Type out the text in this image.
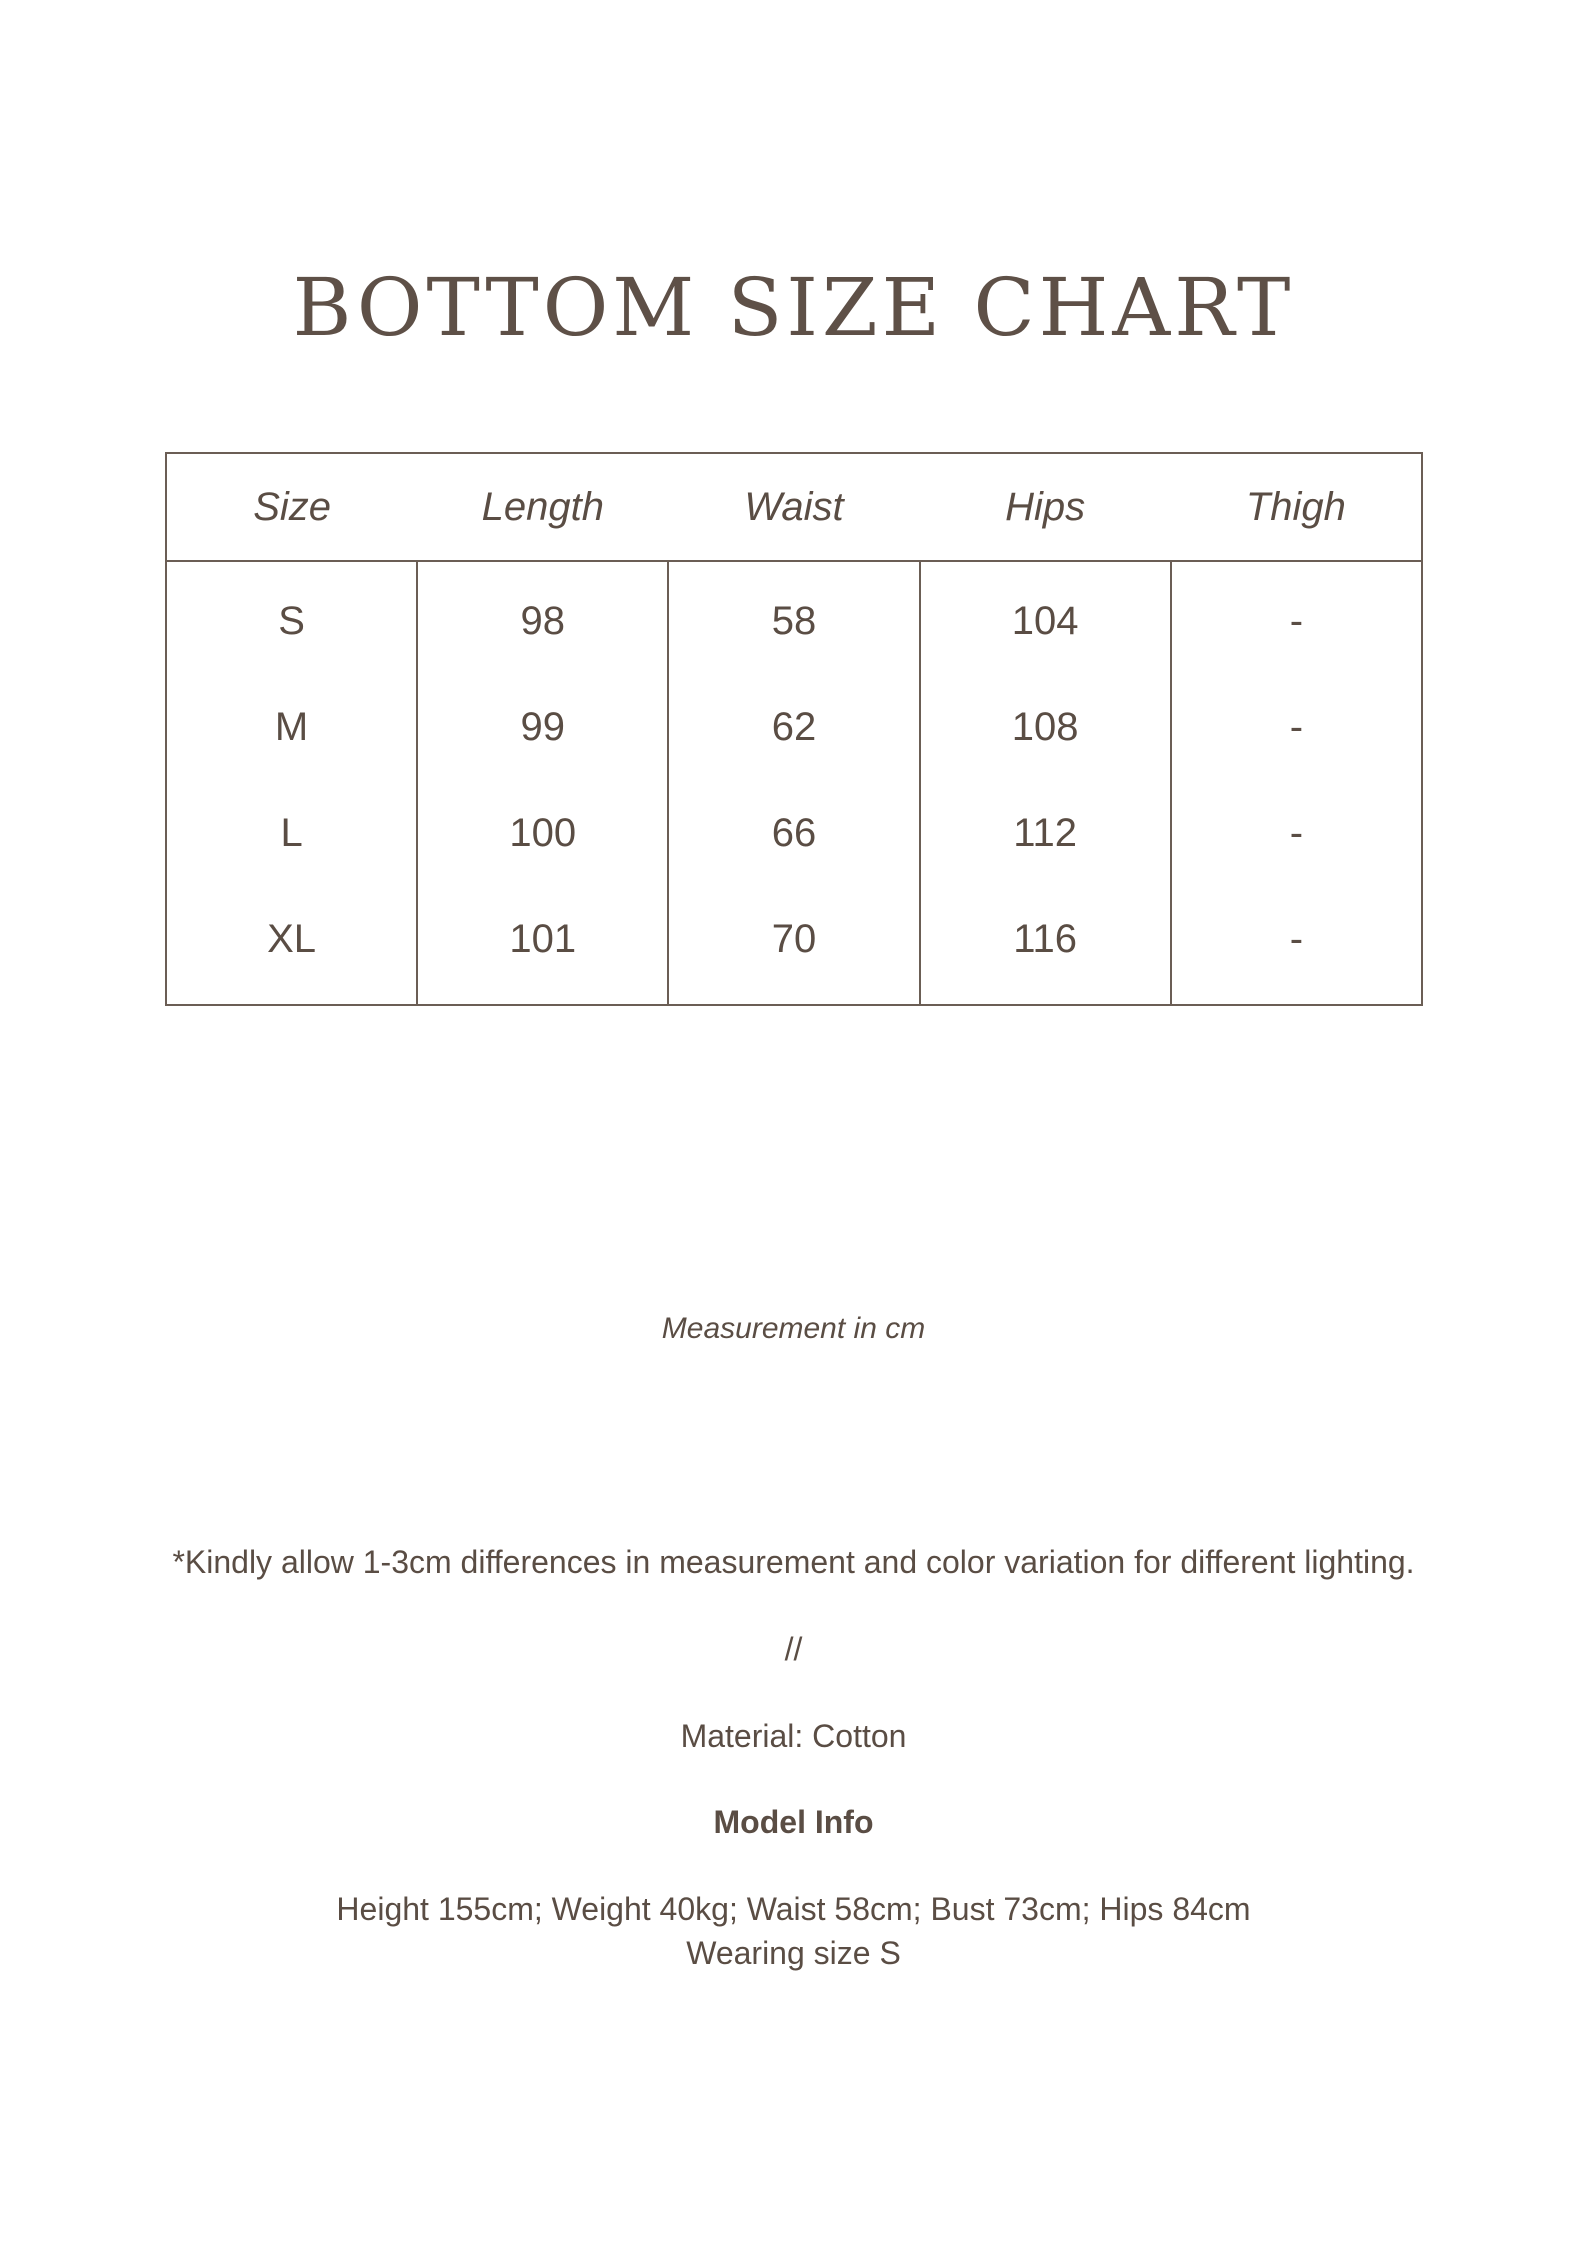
BOTTOM SIZE CHART
Size	Length	Waist	Hips	Thigh
S	98	58	104	-
M	99	62	108	-
L	100	66	112	-
XL	101	70	116	-
Measurement in cm
*Kindly allow 1-3cm differences in measurement and color variation for different lighting.
//
Material: Cotton
Model Info
Height 155cm; Weight 40kg; Waist 58cm; Bust 73cm; Hips 84cm
Wearing size S
